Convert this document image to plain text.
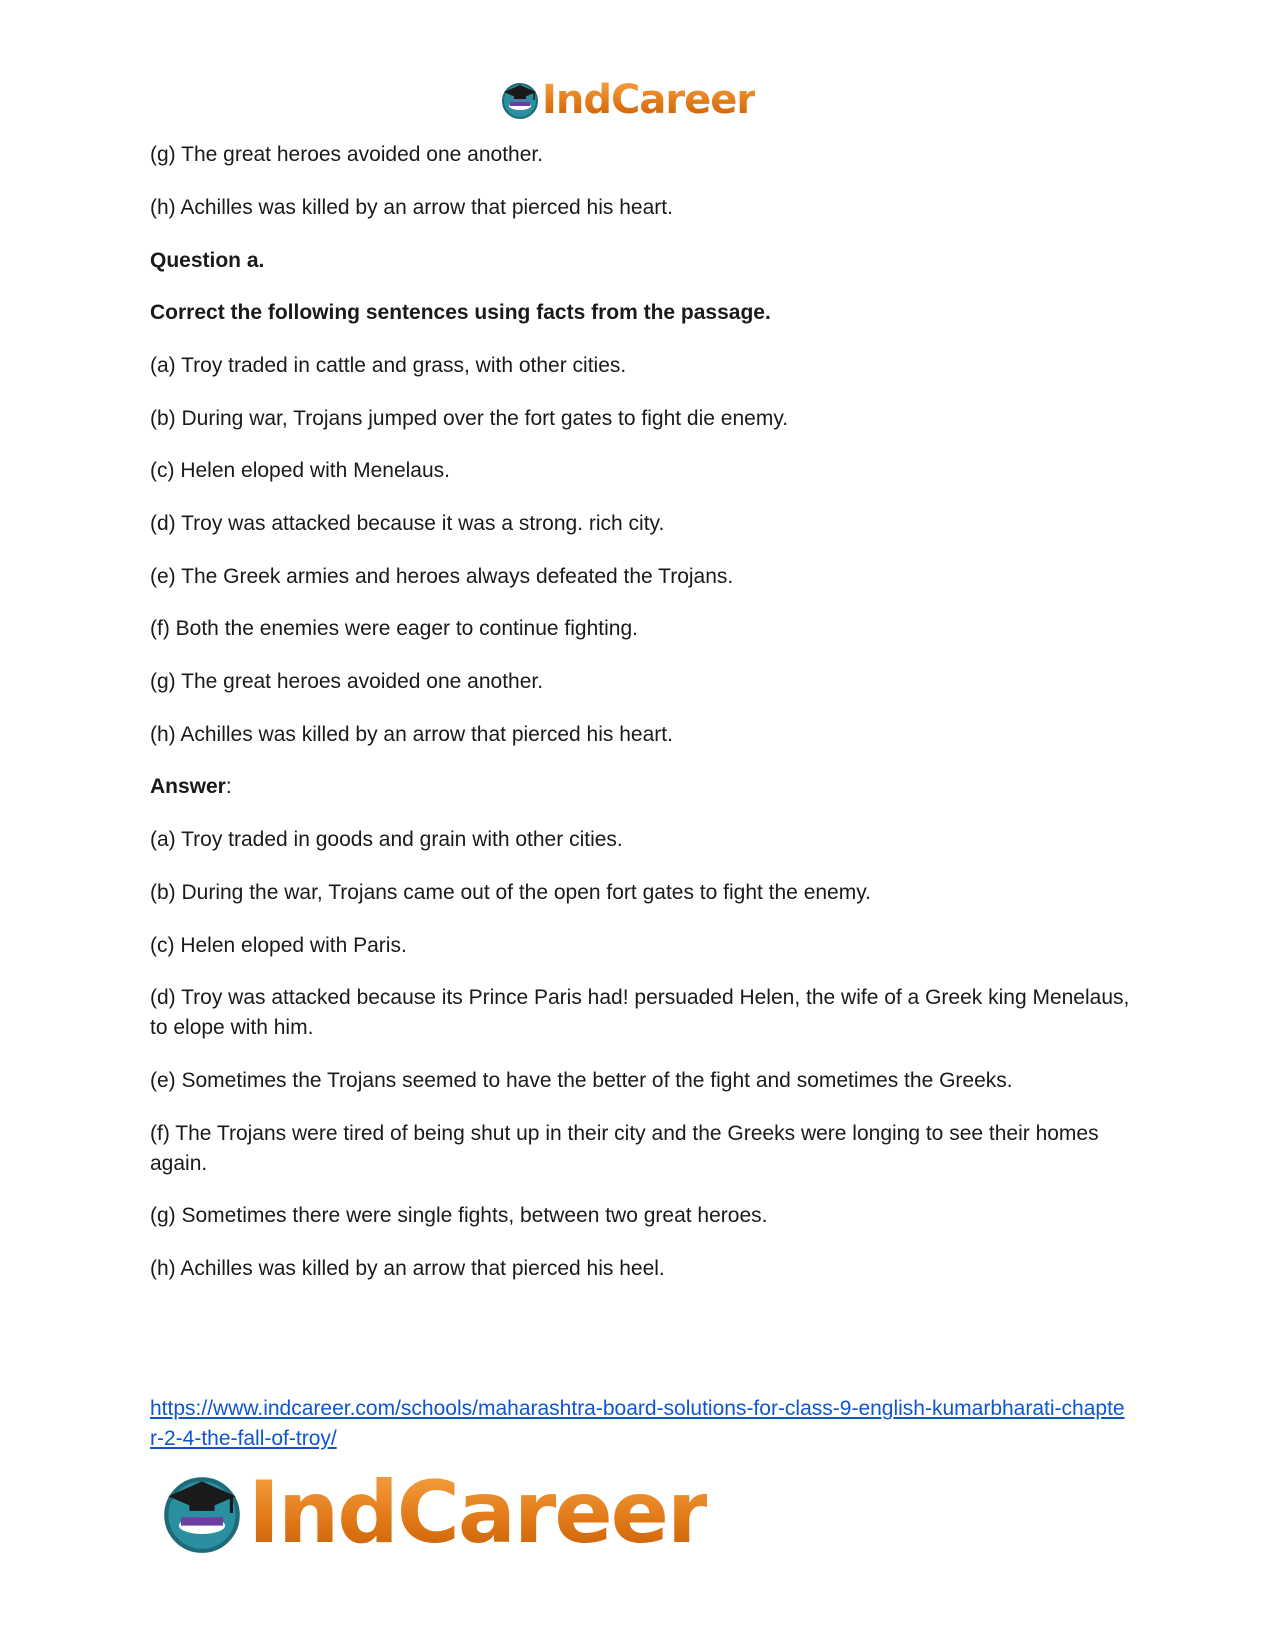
IndCareer

(g) The great heroes avoided one another.

(h) Achilles was killed by an arrow that pierced his heart.

Question a.

Correct the following sentences using facts from the passage.

(a) Troy traded in cattle and grass, with other cities.

(b) During war, Trojans jumped over the fort gates to fight die enemy.

(c) Helen eloped with Menelaus.

(d) Troy was attacked because it was a strong. rich city.

(e) The Greek armies and heroes always defeated the Trojans.

(f) Both the enemies were eager to continue fighting.

(g) The great heroes avoided one another.

(h) Achilles was killed by an arrow that pierced his heart.

Answer:

(a) Troy traded in goods and grain with other cities.

(b) During the war, Trojans came out of the open fort gates to fight the enemy.

(c) Helen eloped with Paris.

(d) Troy was attacked because its Prince Paris had! persuaded Helen, the wife of a Greek king Menelaus, to elope with him.

(e) Sometimes the Trojans seemed to have the better of the fight and sometimes the Greeks.

(f) The Trojans were tired of being shut up in their city and the Greeks were longing to see their homes again.

(g) Sometimes there were single fights, between two great heroes.

(h) Achilles was killed by an arrow that pierced his heel.

https://www.indcareer.com/schools/maharashtra-board-solutions-for-class-9-english-kumarbharati-chapter-2-4-the-fall-of-troy/
IndCareer
